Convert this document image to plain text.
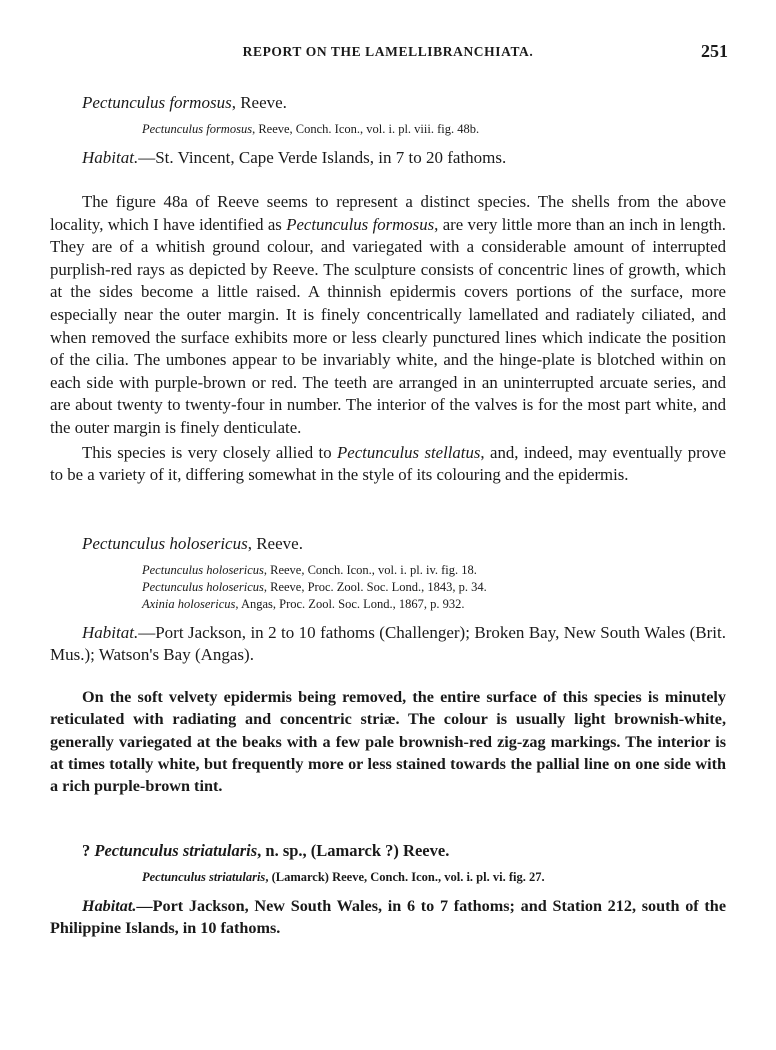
REPORT ON THE LAMELLIBRANCHIATA.	251

Pectunculus formosus, Reeve.

Pectunculus formosus, Reeve, Conch. Icon., vol. i. pl. viii. fig. 48b.

Habitat.—St. Vincent, Cape Verde Islands, in 7 to 20 fathoms.

The figure 48a of Reeve seems to represent a distinct species. The shells from the above locality, which I have identified as Pectunculus formosus, are very little more than an inch in length. They are of a whitish ground colour, and variegated with a considerable amount of interrupted purplish-red rays as depicted by Reeve. The sculpture consists of concentric lines of growth, which at the sides become a little raised. A thinnish epidermis covers portions of the surface, more especially near the outer margin. It is finely concentrically lamellated and radiately ciliated, and when removed the surface exhibits more or less clearly punctured lines which indicate the position of the cilia. The umbones appear to be invariably white, and the hinge-plate is blotched within on each side with purple-brown or red. The teeth are arranged in an uninterrupted arcuate series, and are about twenty to twenty-four in number. The interior of the valves is for the most part white, and the outer margin is finely denticulate.

This species is very closely allied to Pectunculus stellatus, and, indeed, may eventually prove to be a variety of it, differing somewhat in the style of its colouring and the epidermis.

Pectunculus holosericus, Reeve.

Pectunculus holosericus, Reeve, Conch. Icon., vol. i. pl. iv. fig. 18.
Pectunculus holosericus, Reeve, Proc. Zool. Soc. Lond., 1843, p. 34.
Axinia holosericus, Angas, Proc. Zool. Soc. Lond., 1867, p. 932.

Habitat.—Port Jackson, in 2 to 10 fathoms (Challenger); Broken Bay, New South Wales (Brit. Mus.); Watson's Bay (Angas).

On the soft velvety epidermis being removed, the entire surface of this species is minutely reticulated with radiating and concentric striæ. The colour is usually light brownish-white, generally variegated at the beaks with a few pale brownish-red zig-zag markings. The interior is at times totally white, but frequently more or less stained towards the pallial line on one side with a rich purple-brown tint.

? Pectunculus striatularis, n. sp., (Lamarck ?) Reeve.

Pectunculus striatularis, (Lamarck) Reeve, Conch. Icon., vol. i. pl. vi. fig. 27.

Habitat.—Port Jackson, New South Wales, in 6 to 7 fathoms; and Station 212, south of the Philippine Islands, in 10 fathoms.
